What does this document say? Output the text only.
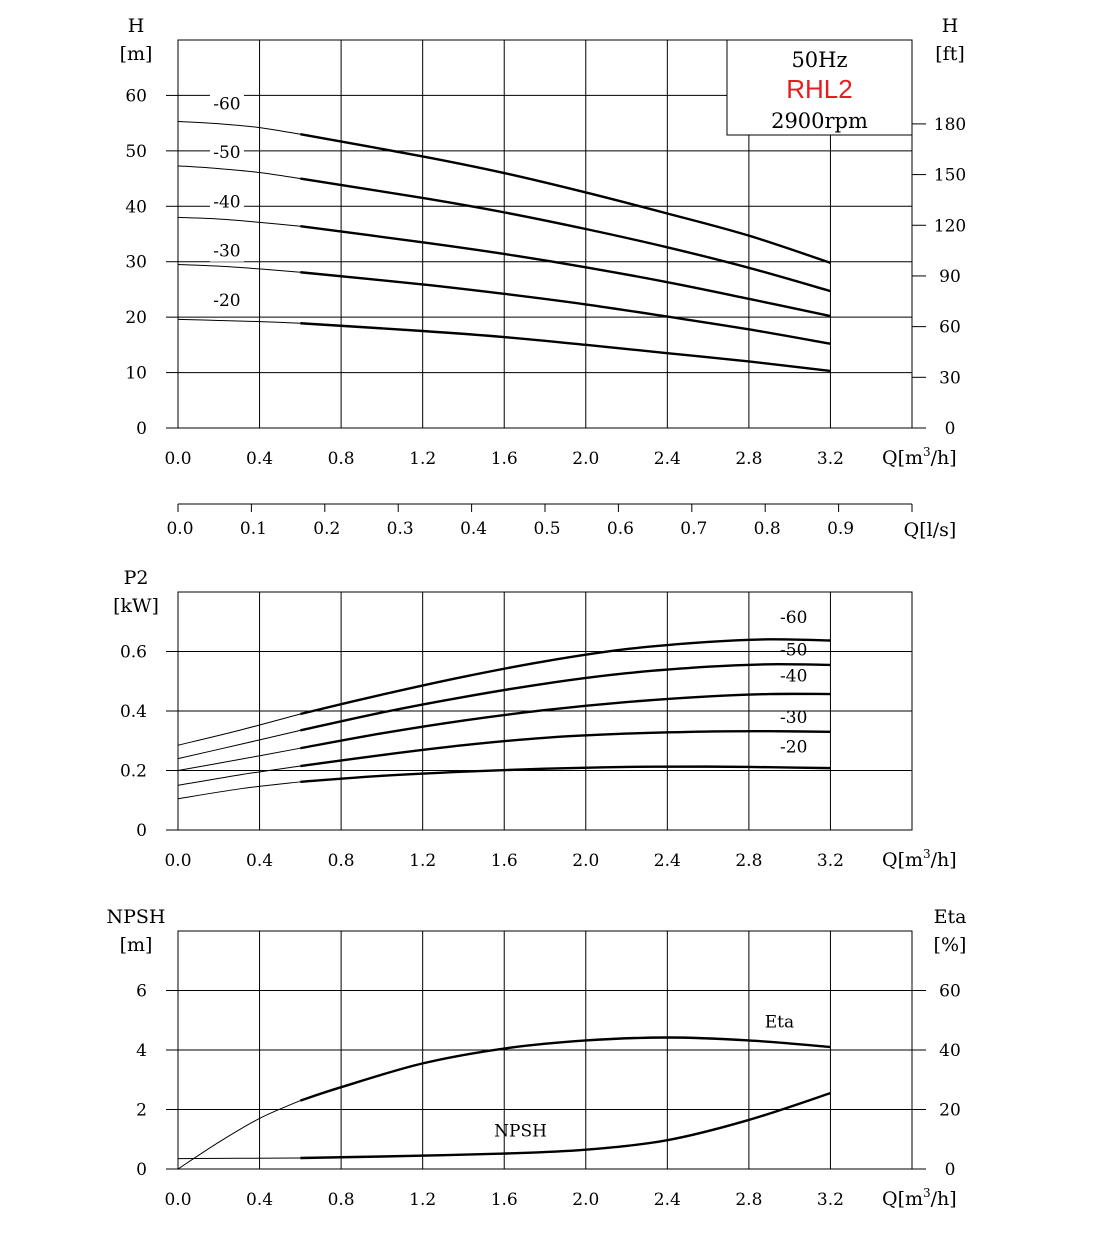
-60
-50
-40
-30
-20
0.0	0.4	0.8	1.2	1.6	2.0	2.4	2.8	3.2
0
10
20
30
40
50
60
H
[m]
0
30
60
90
120
150
180
H
[ft]
$Q[m^3/h]$
50Hz
RHL2
2900rpm
0.0	0.1	0.2	0.3	0.4	0.5	0.6	0.7	0.8	0.9	Q[l/s]
0.0	0.4	0.8	1.2	1.6	2.0	2.4	2.8	3.2
0
0.2
0.4
0.6
P2
[kW]
$Q[m^3/h]$
-60
-50
-40
-30
-20
0.0	0.4	0.8	1.2	1.6	2.0	2.4	2.8	3.2
0
2
4
6
NPSH
[m]
0
20
40
60
Eta
[%]
$Q[m^3/h]$
Eta
NPSH
